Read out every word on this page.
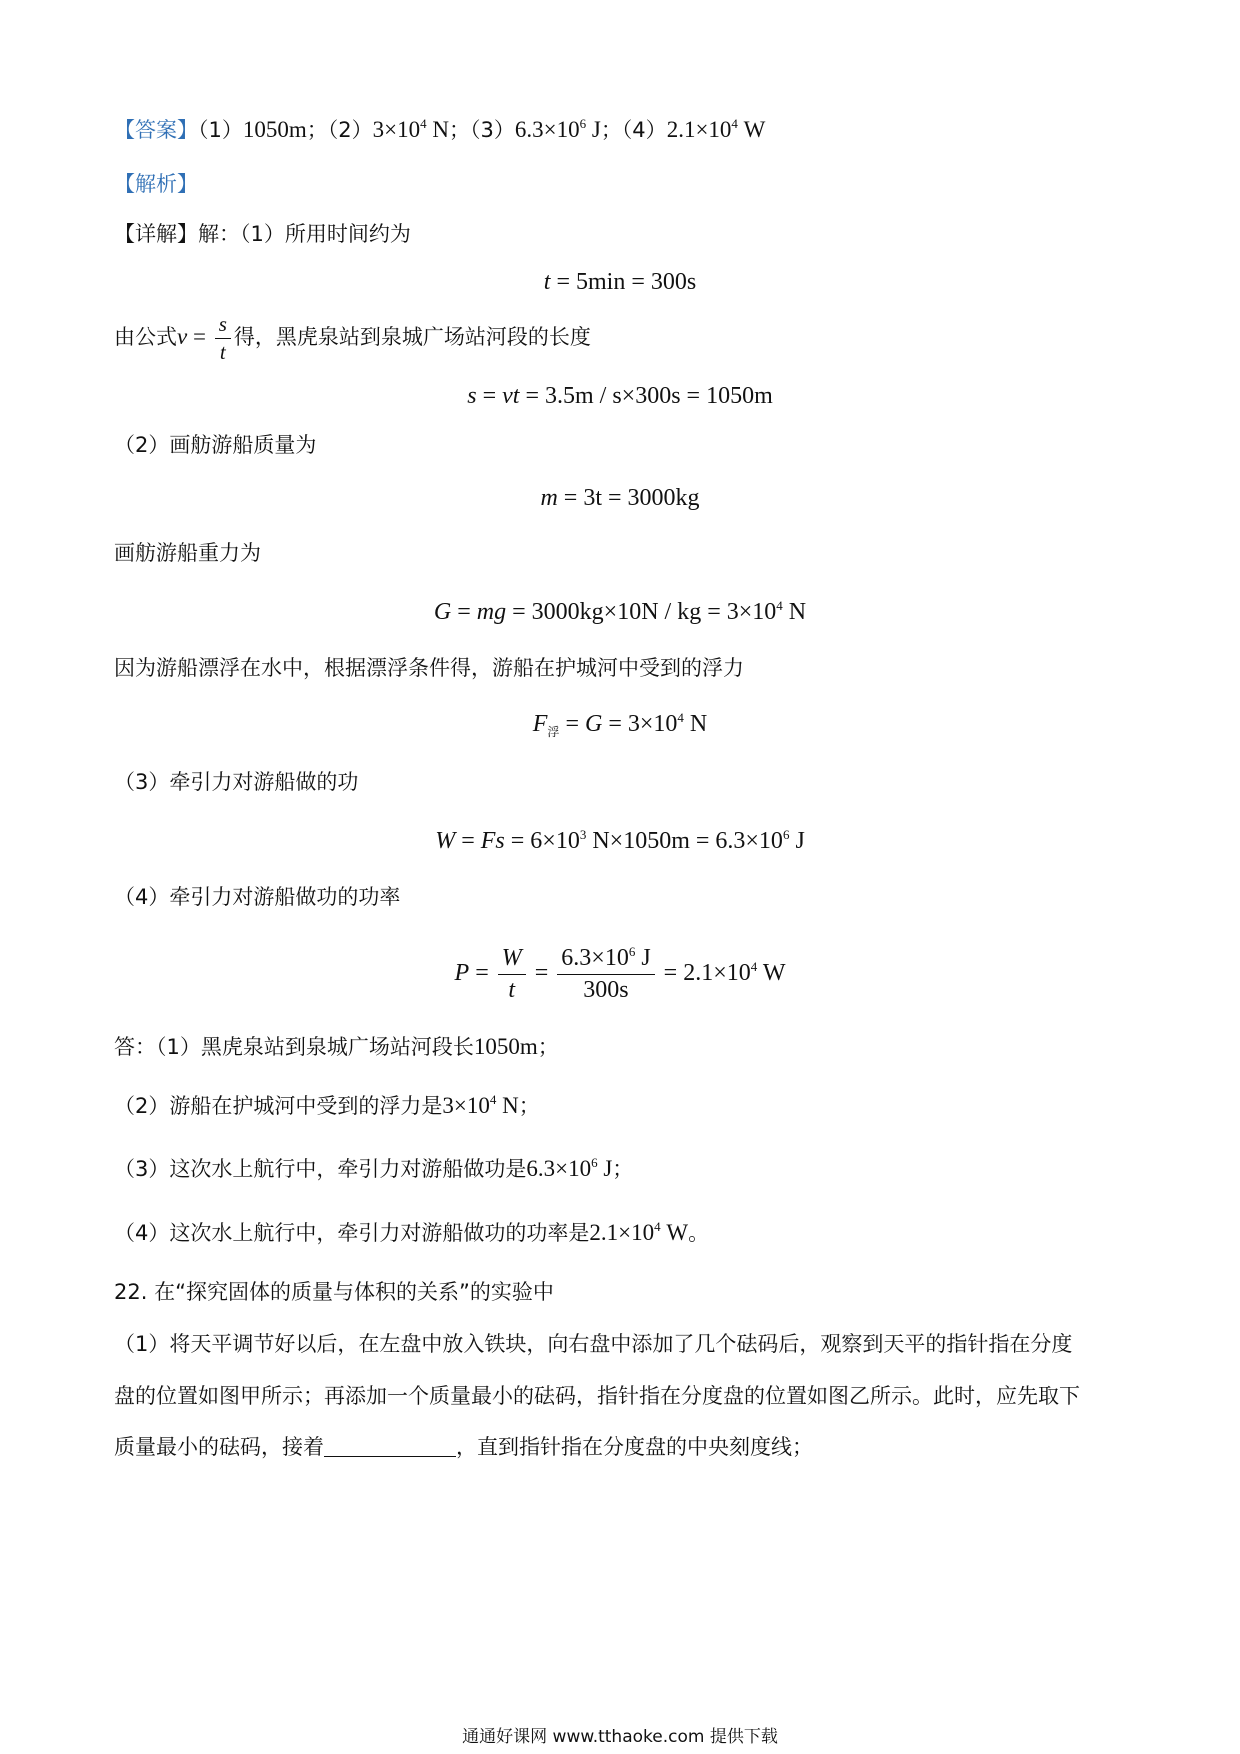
【答案】（1）1050m；$(2)3\times 10^4$ N；$(3)6.3\times 10^6$ J；$(4)2.1\times 10^4$ W
【解析】
【详解】解：（1）所用时间约为
t = 5min = 300s
由公式$v = \frac{s}{t}$ 得，黑虎泉站到泉城广场站河段的长度
s = vt = 3.5m / s×300s = 1050m
（2）画舫游船质量为
m = 3t = 3000kg
画舫游船重力为
G = mg = 3000kg×10N / kg = $3\times 10^4$ N
因为游船漂浮在水中，根据漂浮条件得，游船在护城河中受到的浮力
$F_浮 = G = 3\times 10^4$ N
（3）牵引力对游船做的功
$W = Fs = 6\times 10^3$ $N\times 1050m = 6.3\times 10^6$ J
（4）牵引力对游船做功的功率
$P = \frac{W}{t} = \frac{6.3\times 10^6 J}{300s} = 2.1\times 10^4$ W
答：（1）黑虎泉站到泉城广场站河段长1050m；
（2）游船在护城河中受到的浮力是$3\times 10^4$ N；
（3）这次水上航行中，牵引力对游船做功是$6.3\times 10^6$ J；
（4）这次水上航行中，牵引力对游船做功的功率是$2.1\times 10^4$ W。
22. 在“探究固体的质量与体积的关系”的实验中
（1）将天平调节好以后，在左盘中放入铁块，向右盘中添加了几个砝码后，观察到天平的指针指在分度
盘的位置如图甲所示；再添加一个质量最小的砝码，指针指在分度盘的位置如图乙所示。此时，应先取下
质量最小的砝码，接着	，直到指针指在分度盘的中央刻度线；
通通好课网 www.tthaoke.com 提供下载
